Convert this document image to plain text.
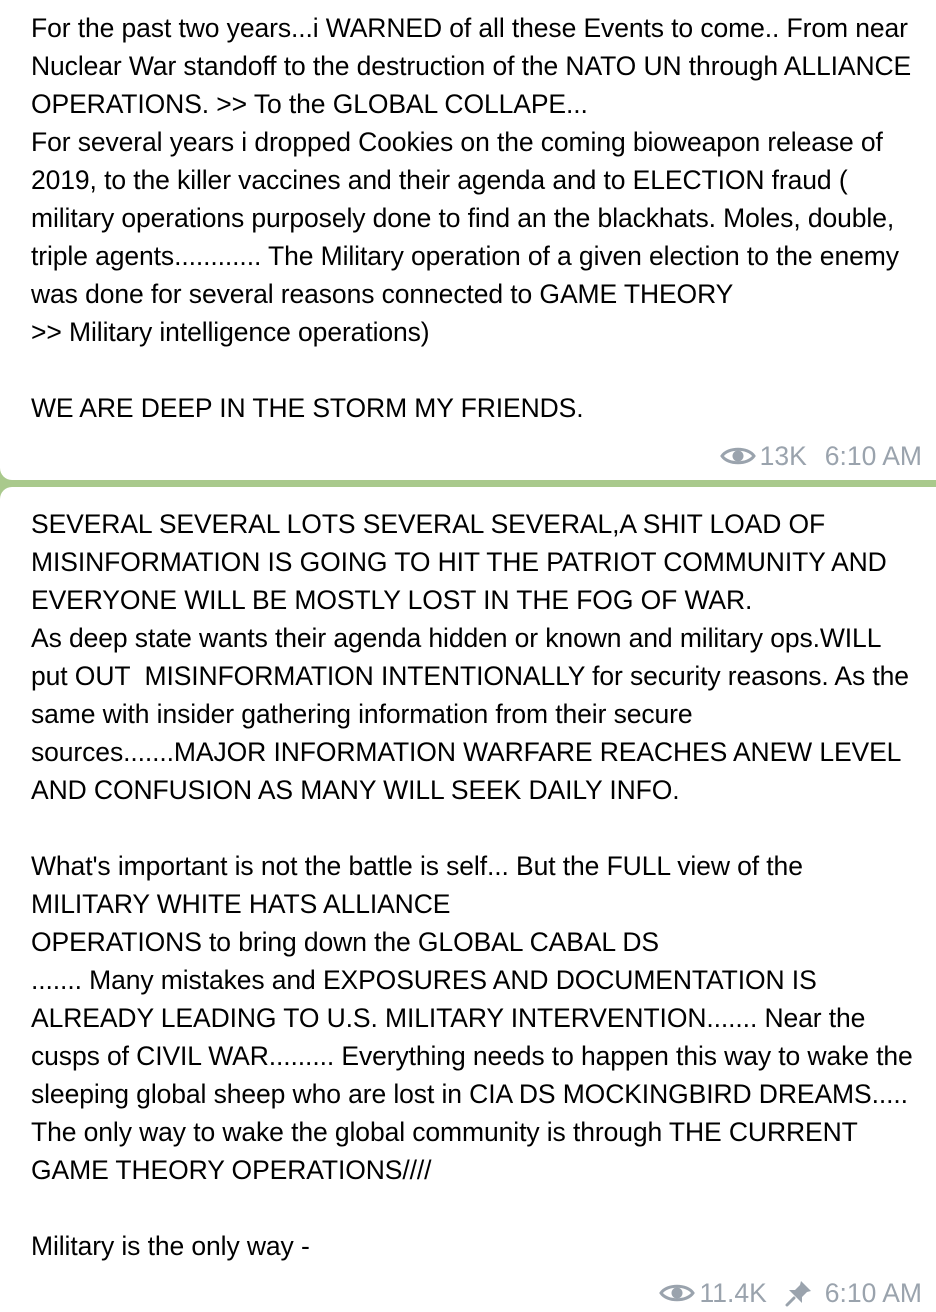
For the past two years...i WARNED of all these Events to come.. From near Nuclear War standoff to the destruction of the NATO UN through ALLIANCE OPERATIONS. >> To the GLOBAL COLLAPE...
For several years i dropped Cookies on the coming bioweapon release of 2019, to the killer vaccines and their agenda and to ELECTION fraud ( military operations purposely done to find an the blackhats. Moles, double, triple agents............ The Military operation of a given election to the enemy was done for several reasons connected to GAME THEORY
>> Military intelligence operations)

WE ARE DEEP IN THE STORM MY FRIENDS.

13K 6:10 AM

SEVERAL SEVERAL LOTS SEVERAL SEVERAL,A SHIT LOAD OF MISINFORMATION IS GOING TO HIT THE PATRIOT COMMUNITY AND EVERYONE WILL BE MOSTLY LOST IN THE FOG OF WAR.
As deep state wants their agenda hidden or known and military ops.WILL put OUT  MISINFORMATION INTENTIONALLY for security reasons. As the same with insider gathering information from their secure sources.......MAJOR INFORMATION WARFARE REACHES ANEW LEVEL AND CONFUSION AS MANY WILL SEEK DAILY INFO.

What's important is not the battle is self... But the FULL view of the MILITARY WHITE HATS ALLIANCE
OPERATIONS to bring down the GLOBAL CABAL DS
....... Many mistakes and EXPOSURES AND DOCUMENTATION IS ALREADY LEADING TO U.S. MILITARY INTERVENTION....... Near the cusps of CIVIL WAR......... Everything needs to happen this way to wake the sleeping global sheep who are lost in CIA DS MOCKINGBIRD DREAMS..... The only way to wake the global community is through THE CURRENT GAME THEORY OPERATIONS////

Military is the only way -

11.4K 6:10 AM
